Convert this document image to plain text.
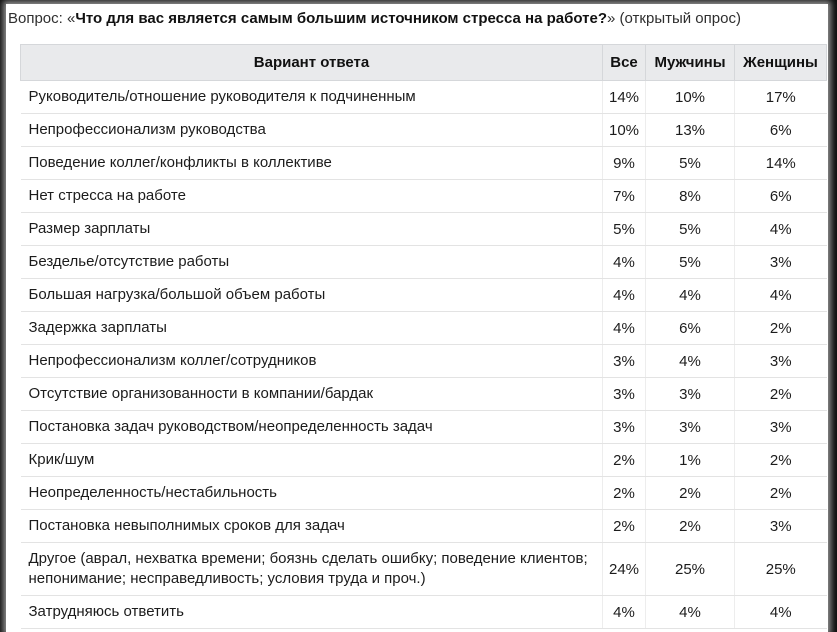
Вопрос: «Что для вас является самым большим источником стресса на работе?» (открытый опрос)
Вариант ответа	Все	Мужчины	Женщины
Руководитель/отношение руководителя к подчиненным	14%	10%	17%
Непрофессионализм руководства	10%	13%	6%
Поведение коллег/конфликты в коллективе	9%	5%	14%
Нет стресса на работе	7%	8%	6%
Размер зарплаты	5%	5%	4%
Безделье/отсутствие работы	4%	5%	3%
Большая нагрузка/большой объем работы	4%	4%	4%
Задержка зарплаты	4%	6%	2%
Непрофессионализм коллег/сотрудников	3%	4%	3%
Отсутствие организованности в компании/бардак	3%	3%	2%
Постановка задач руководством/неопределенность задач	3%	3%	3%
Крик/шум	2%	1%	2%
Неопределенность/нестабильность	2%	2%	2%
Постановка невыполнимых сроков для задач	2%	2%	3%
Другое (аврал, нехватка времени; боязнь сделать ошибку; поведение клиентов; непонимание; несправедливость; условия труда и проч.)	24%	25%	25%
Затрудняюсь ответить	4%	4%	4%
